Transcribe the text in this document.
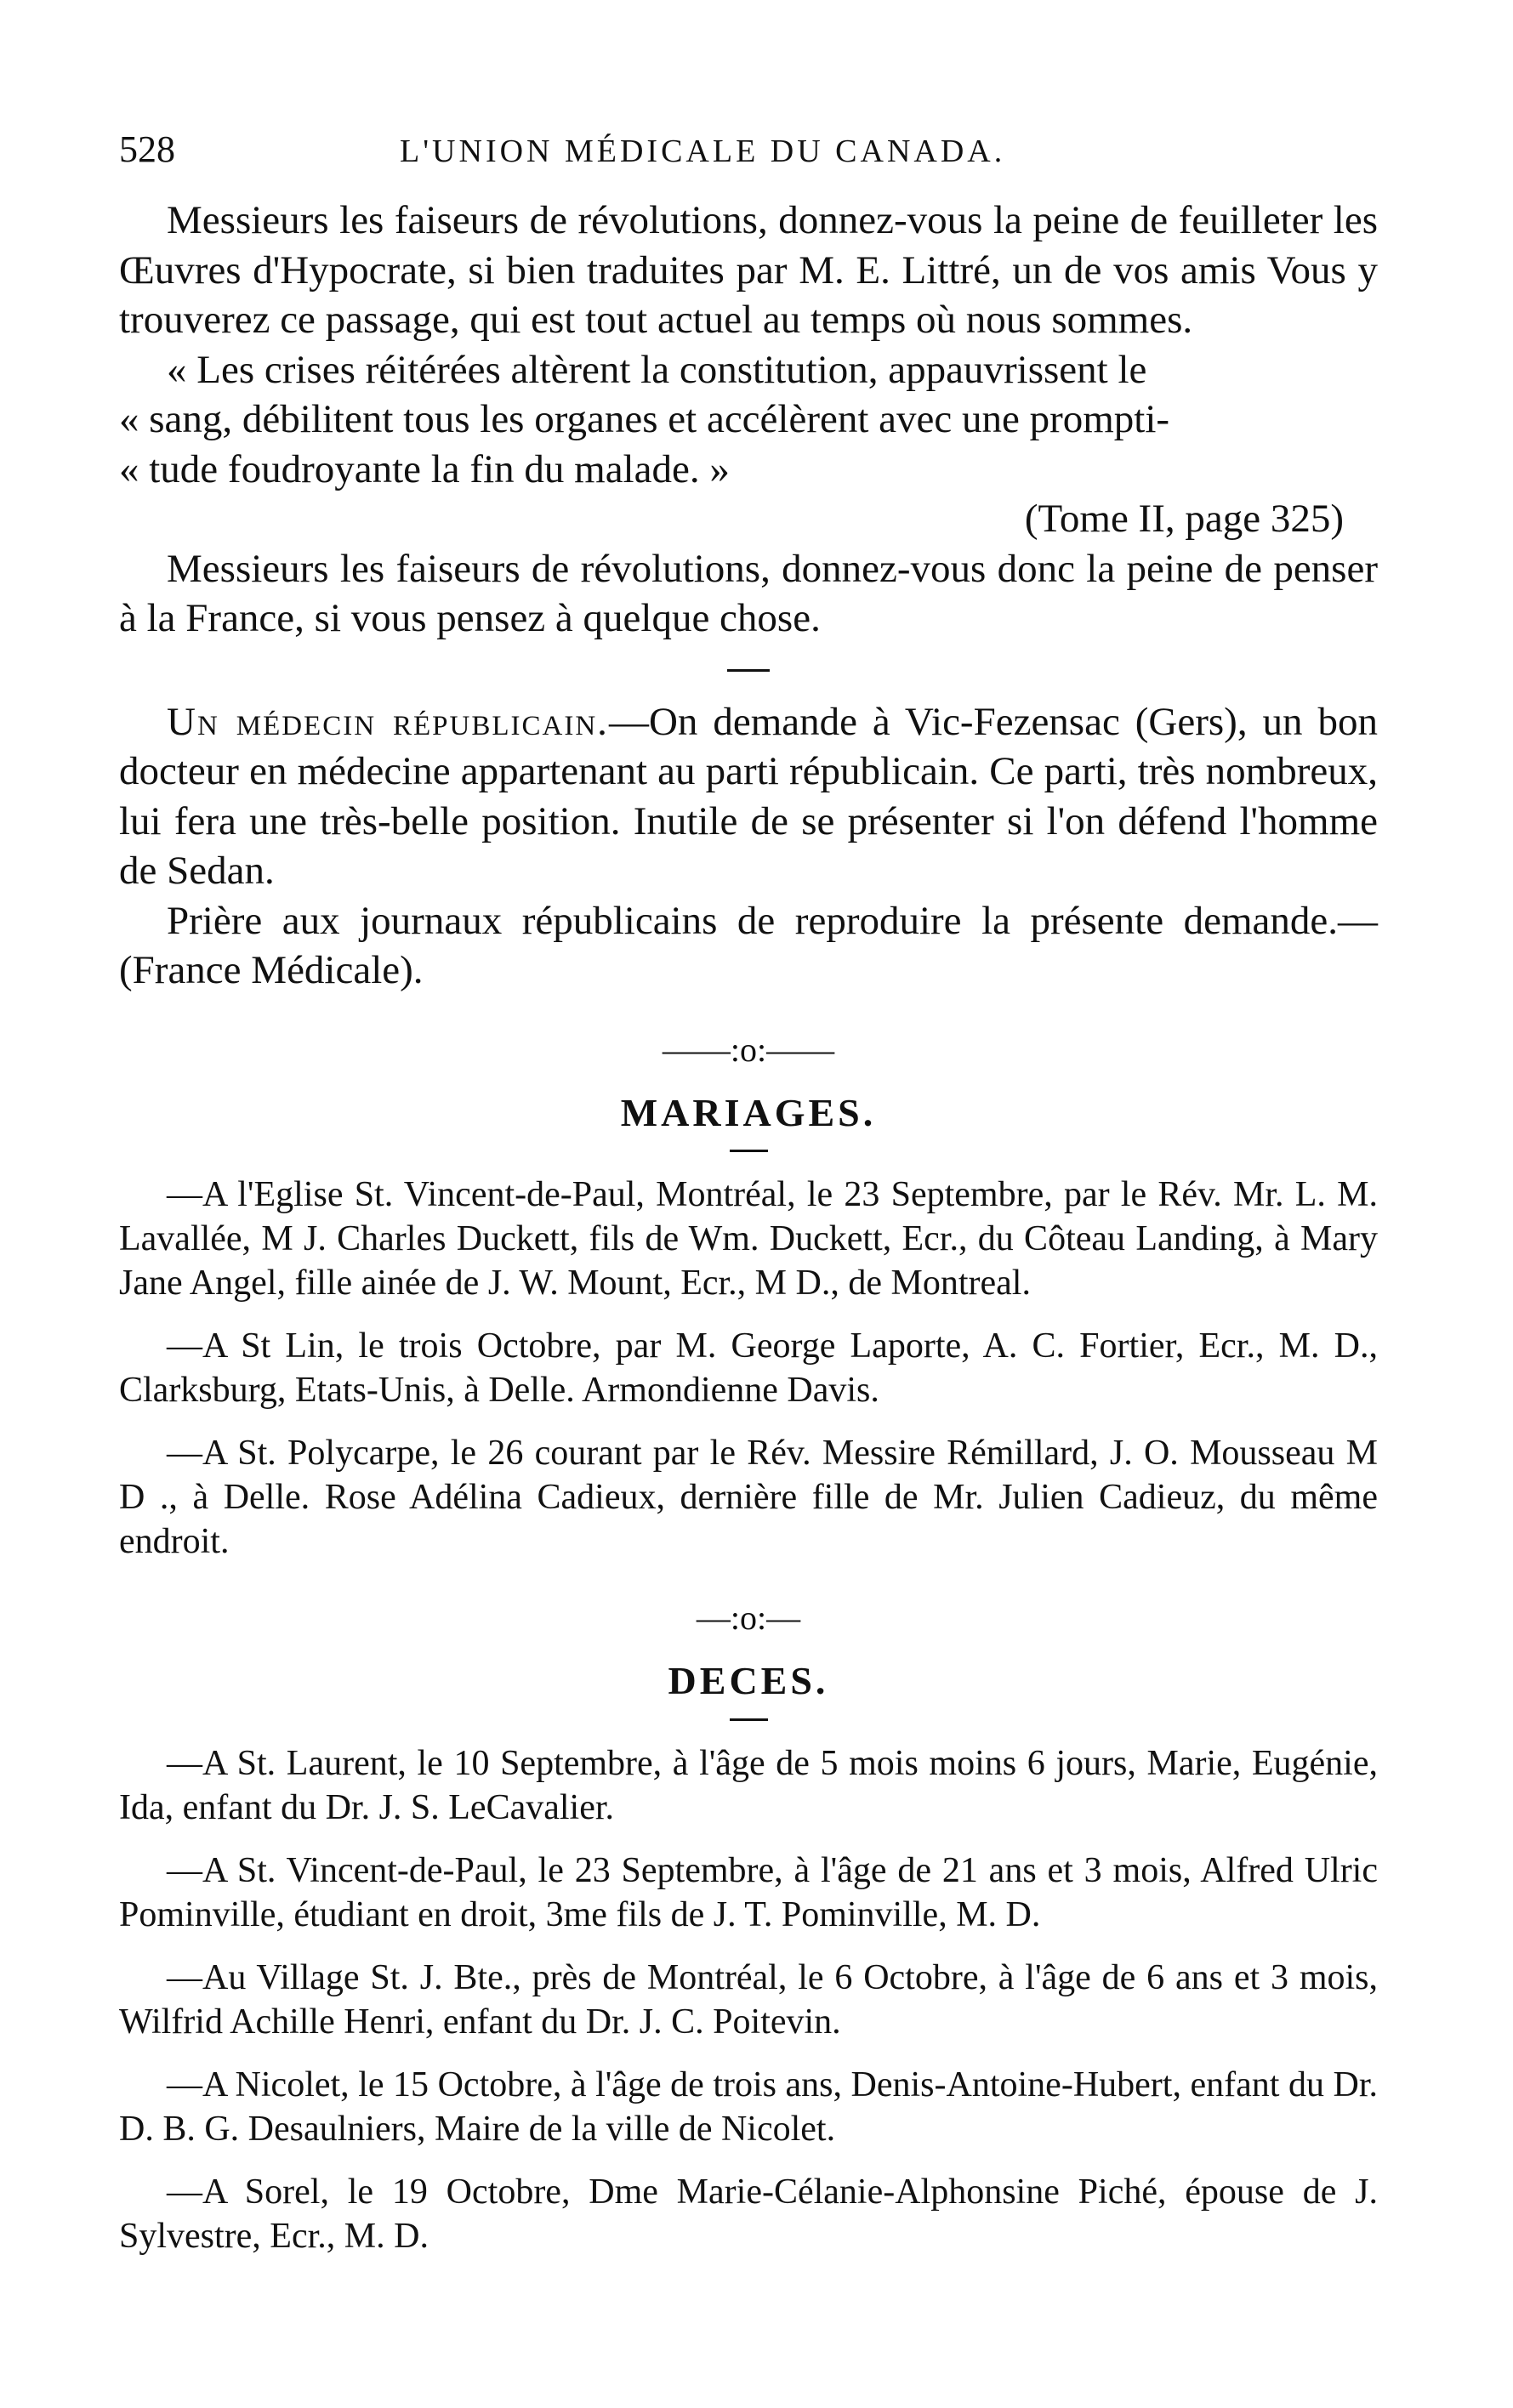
528	L'UNION MÉDICALE DU CANADA.

Messieurs les faiseurs de révolutions, donnez-vous la peine de feuilleter les Œuvres d'Hypocrate, si bien traduites par M. E. Littré, un de vos amis Vous y trouverez ce passage, qui est tout actuel au temps où nous sommes.

« Les crises réitérées altèrent la constitution, appauvrissent le

« sang, débilitent tous les organes et accélèrent avec une prompti-

« tude foudroyante la fin du malade. »

(Tome II, page 325)

Messieurs les faiseurs de révolutions, donnez-vous donc la peine de penser à la France, si vous pensez à quelque chose.

Un médecin républicain.—On demande à Vic-Fezensac (Gers), un bon docteur en médecine appartenant au parti républicain. Ce parti, très nombreux, lui fera une très-belle position. Inutile de se présenter si l'on défend l'homme de Sedan.

Prière aux journaux républicains de reproduire la présente demande.—(France Médicale).

——:o:——

MARIAGES.

—A l'Eglise St. Vincent-de-Paul, Montréal, le 23 Septembre, par le Rév. Mr. L. M. Lavallée, M J. Charles Duckett, fils de Wm. Duckett, Ecr., du Côteau Landing, à Mary Jane Angel, fille ainée de J. W. Mount, Ecr., M D., de Montreal.

—A St Lin, le trois Octobre, par M. George Laporte, A. C. Fortier, Ecr., M. D., Clarksburg, Etats-Unis, à Delle. Armondienne Davis.

—A St. Polycarpe, le 26 courant par le Rév. Messire Rémillard, J. O. Mousseau M D ., à Delle. Rose Adélina Cadieux, dernière fille de Mr. Julien Cadieuz, du même endroit.

—:o:—

DECES.

—A St. Laurent, le 10 Septembre, à l'âge de 5 mois moins 6 jours, Marie, Eugénie, Ida, enfant du Dr. J. S. LeCavalier.

—A St. Vincent-de-Paul, le 23 Septembre, à l'âge de 21 ans et 3 mois, Alfred Ulric Pominville, étudiant en droit, 3me fils de J. T. Pominville, M. D.

—Au Village St. J. Bte., près de Montréal, le 6 Octobre, à l'âge de 6 ans et 3 mois, Wilfrid Achille Henri, enfant du Dr. J. C. Poitevin.

—A Nicolet, le 15 Octobre, à l'âge de trois ans, Denis-Antoine-Hubert, enfant du Dr. D. B. G. Desaulniers, Maire de la ville de Nicolet.

—A Sorel, le 19 Octobre, Dme Marie-Célanie-Alphonsine Piché, épouse de J. Sylvestre, Ecr., M. D.
